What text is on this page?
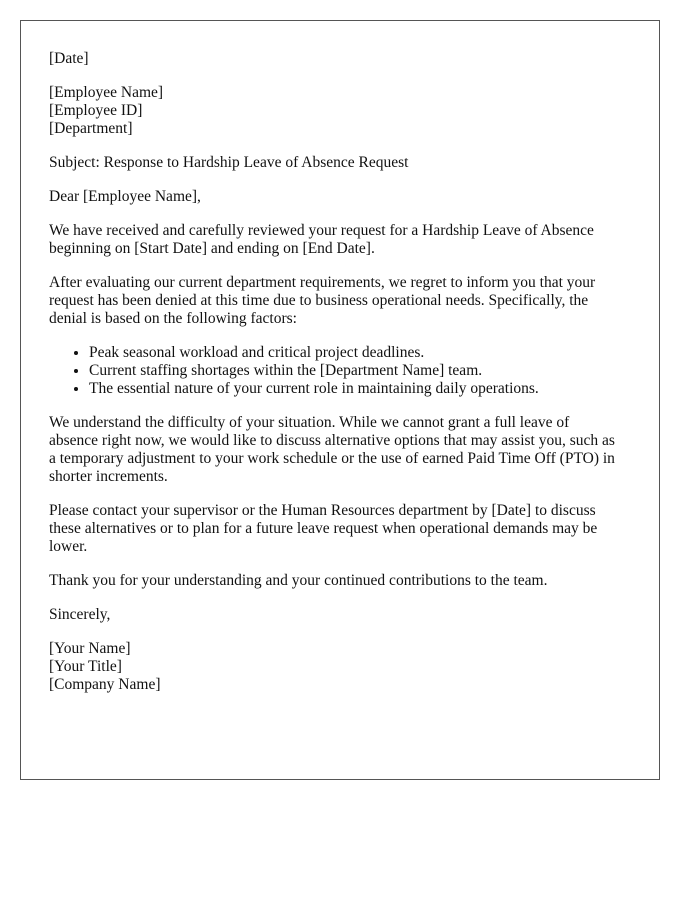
[Date]
[Employee Name]
[Employee ID]
[Department]

Subject: Response to Hardship Leave of Absence Request

Dear [Employee Name],

We have received and carefully reviewed your request for a Hardship Leave of Absence beginning on [Start Date] and ending on [End Date].

After evaluating our current department requirements, we regret to inform you that your request has been denied at this time due to business operational needs. Specifically, the denial is based on the following factors:

• Peak seasonal workload and critical project deadlines.
• Current staffing shortages within the [Department Name] team.
• The essential nature of your current role in maintaining daily operations.

We understand the difficulty of your situation. While we cannot grant a full leave of absence right now, we would like to discuss alternative options that may assist you, such as a temporary adjustment to your work schedule or the use of earned Paid Time Off (PTO) in shorter increments.

Please contact your supervisor or the Human Resources department by [Date] to discuss these alternatives or to plan for a future leave request when operational demands may be lower.

Thank you for your understanding and your continued contributions to the team.

Sincerely,

[Your Name]
[Your Title]
[Company Name]
